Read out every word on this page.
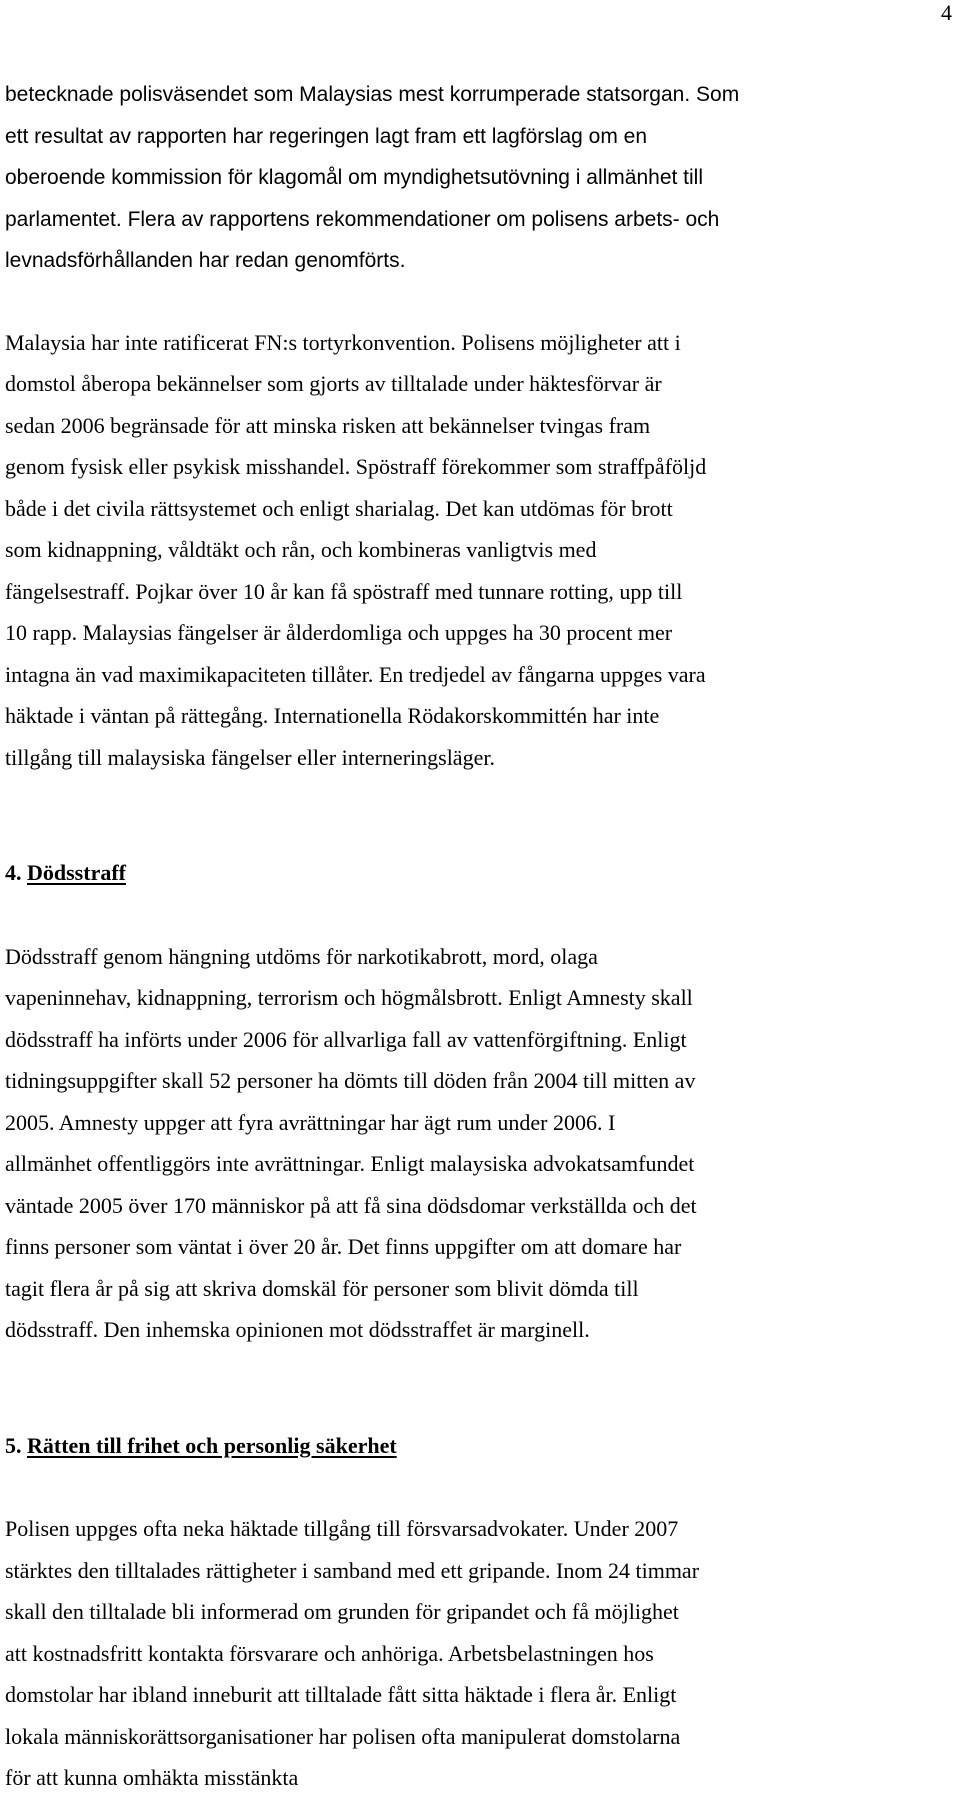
4

betecknade polisväsendet som Malaysias mest korrumperade statsorgan. Som
ett resultat av rapporten har regeringen lagt fram ett lagförslag om en
oberoende kommission för klagomål om myndighetsutövning i allmänhet till
parlamentet. Flera av rapportens rekommendationer om polisens arbets- och
levnadsförhållanden har redan genomförts.

Malaysia har inte ratificerat FN:s tortyrkonvention. Polisens möjligheter att i
domstol åberopa bekännelser som gjorts av tilltalade under häktesförvar är
sedan 2006 begränsade för att minska risken att bekännelser tvingas fram
genom fysisk eller psykisk misshandel. Spöstraff förekommer som straffpåföljd
både i det civila rättsystemet och enligt sharialag. Det kan utdömas för brott
som kidnappning, våldtäkt och rån, och kombineras vanligtvis med
fängelsestraff. Pojkar över 10 år kan få spöstraff med tunnare rotting, upp till
10 rapp. Malaysias fängelser är ålderdomliga och uppges ha 30 procent mer
intagna än vad maximikapaciteten tillåter. En tredjedel av fångarna uppges vara
häktade i väntan på rättegång. Internationella Rödakorskommittén har inte
tillgång till malaysiska fängelser eller interneringsläger.

4. Dödsstraff

Dödsstraff genom hängning utdöms för narkotikabrott, mord, olaga
vapeninnehav, kidnappning, terrorism och högmålsbrott. Enligt Amnesty skall
dödsstraff ha införts under 2006 för allvarliga fall av vattenförgiftning. Enligt
tidningsuppgifter skall 52 personer ha dömts till döden från 2004 till mitten av
2005. Amnesty uppger att fyra avrättningar har ägt rum under 2006. I
allmänhet offentliggörs inte avrättningar. Enligt malaysiska advokatsamfundet
väntade 2005 över 170 människor på att få sina dödsdomar verkställda och det
finns personer som väntat i över 20 år. Det finns uppgifter om att domare har
tagit flera år på sig att skriva domskäl för personer som blivit dömda till
dödsstraff. Den inhemska opinionen mot dödsstraffet är marginell.

5. Rätten till frihet och personlig säkerhet

Polisen uppges ofta neka häktade tillgång till försvarsadvokater. Under 2007
stärktes den tilltalades rättigheter i samband med ett gripande. Inom 24 timmar
skall den tilltalade bli informerad om grunden för gripandet och få möjlighet
att kostnadsfritt kontakta försvarare och anhöriga. Arbetsbelastningen hos
domstolar har ibland inneburit att tilltalade fått sitta häktade i flera år. Enligt
lokala människorättsorganisationer har polisen ofta manipulerat domstolarna
för att kunna omhäkta misstänkta
